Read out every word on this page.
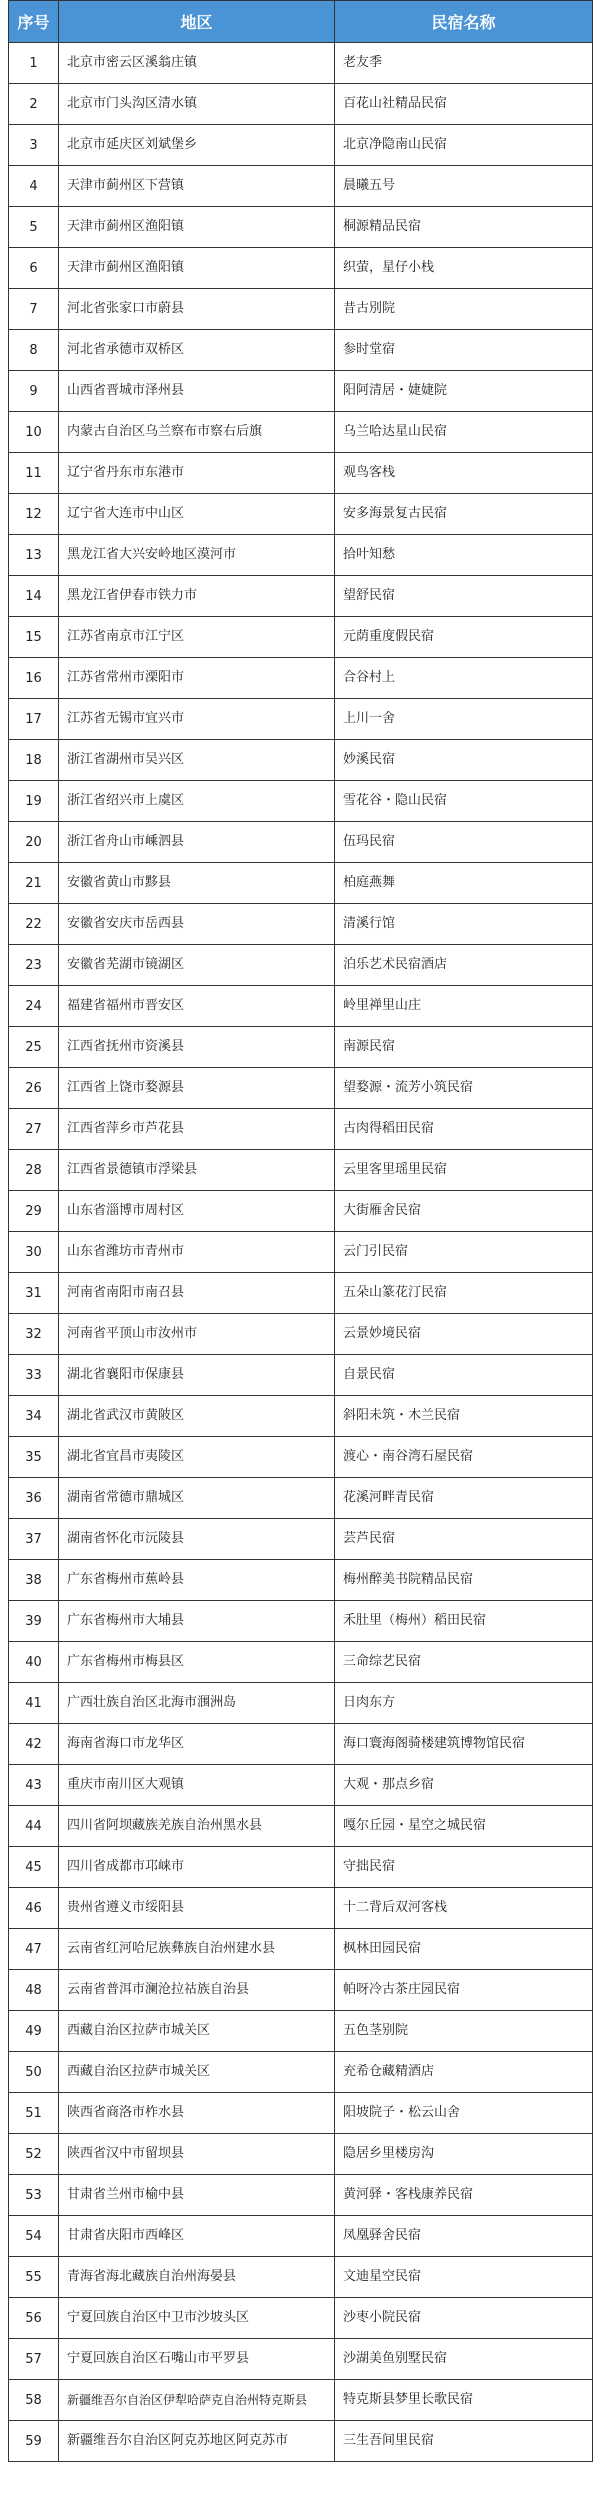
序号	地区	民宿名称
1	北京市密云区溪翁庄镇	老友季
2	北京市门头沟区清水镇	百花山社精品民宿
3	北京市延庆区刘斌堡乡	北京净隐南山民宿
4	天津市蓟州区下营镇	晨曦五号
5	天津市蓟州区渔阳镇	桐源精品民宿
6	天津市蓟州区渔阳镇	织萤，星仔小栈
7	河北省张家口市蔚县	昔古別院
8	河北省承德市双桥区	参时堂宿
9	山西省晋城市泽州县	阳阿清居・婕婕院
10	内蒙古自治区乌兰察布市察右后旗	乌兰哈达星山民宿
11	辽宁省丹东市东港市	观鸟客栈
12	辽宁省大连市中山区	安多海景复古民宿
13	黑龙江省大兴安岭地区漠河市	拾叶知愁
14	黑龙江省伊春市铁力市	望舒民宿
15	江苏省南京市江宁区	元荫重度假民宿
16	江苏省常州市溧阳市	合谷村上
17	江苏省无锡市宜兴市	上川一舍
18	浙江省湖州市吴兴区	妙溪民宿
19	浙江省绍兴市上虞区	雪花谷・隐山民宿
20	浙江省舟山市嵊泗县	伍玛民宿
21	安徽省黄山市黟县	柏庭燕舞
22	安徽省安庆市岳西县	清溪行馆
23	安徽省芜湖市镜湖区	泊乐艺术民宿酒店
24	福建省福州市晋安区	岭里禅里山庄
25	江西省抚州市资溪县	南源民宿
26	江西省上饶市婺源县	望婺源・流芳小筑民宿
27	江西省萍乡市芦花县	古肉得稻田民宿
28	江西省景德镇市浮梁县	云里客里瑶里民宿
29	山东省淄博市周村区	大街雁舍民宿
30	山东省潍坊市青州市	云门引民宿
31	河南省南阳市南召县	五朵山篆花汀民宿
32	河南省平顶山市汝州市	云景妙境民宿
33	湖北省襄阳市保康县	自景民宿
34	湖北省武汉市黄陂区	斜阳未筑・木兰民宿
35	湖北省宜昌市夷陵区	渡心・南谷湾石屋民宿
36	湖南省常德市鼎城区	花溪河畔青民宿
37	湖南省怀化市沅陵县	芸芦民宿
38	广东省梅州市蕉岭县	梅州醉美书院精品民宿
39	广东省梅州市大埔县	禾肚里（梅州）稻田民宿
40	广东省梅州市梅县区	三命综艺民宿
41	广西壮族自治区北海市涠洲岛	日肉东方
42	海南省海口市龙华区	海口寰海阁骑楼建筑博物馆民宿
43	重庆市南川区大观镇	大观・那点乡宿
44	四川省阿坝藏族羌族自治州黑水县	嘎尔丘园・星空之城民宿
45	四川省成都市邛崃市	守拙民宿
46	贵州省遵义市绥阳县	十二背后双河客栈
47	云南省红河哈尼族彝族自治州建水县	枫林田园民宿
48	云南省普洱市澜沧拉祜族自治县	帕呀冷古茶庄园民宿
49	西藏自治区拉萨市城关区	五色茎别院
50	西藏自治区拉萨市城关区	充希仓藏精酒店
51	陕西省商洛市柞水县	阳坡院子・松云山舍
52	陕西省汉中市留坝县	隐居乡里楼房沟
53	甘肃省兰州市榆中县	黄河驿・客栈康养民宿
54	甘肃省庆阳市西峰区	凤凰驿舍民宿
55	青海省海北藏族自治州海晏县	文迪星空民宿
56	宁夏回族自治区中卫市沙坡头区	沙枣小院民宿
57	宁夏回族自治区石嘴山市平罗县	沙湖美鱼别墅民宿
58	新疆维吾尔自治区伊犁哈萨克自治州特克斯县	特克斯县梦里长歌民宿
59	新疆维吾尔自治区阿克苏地区阿克苏市	三生吾间里民宿
